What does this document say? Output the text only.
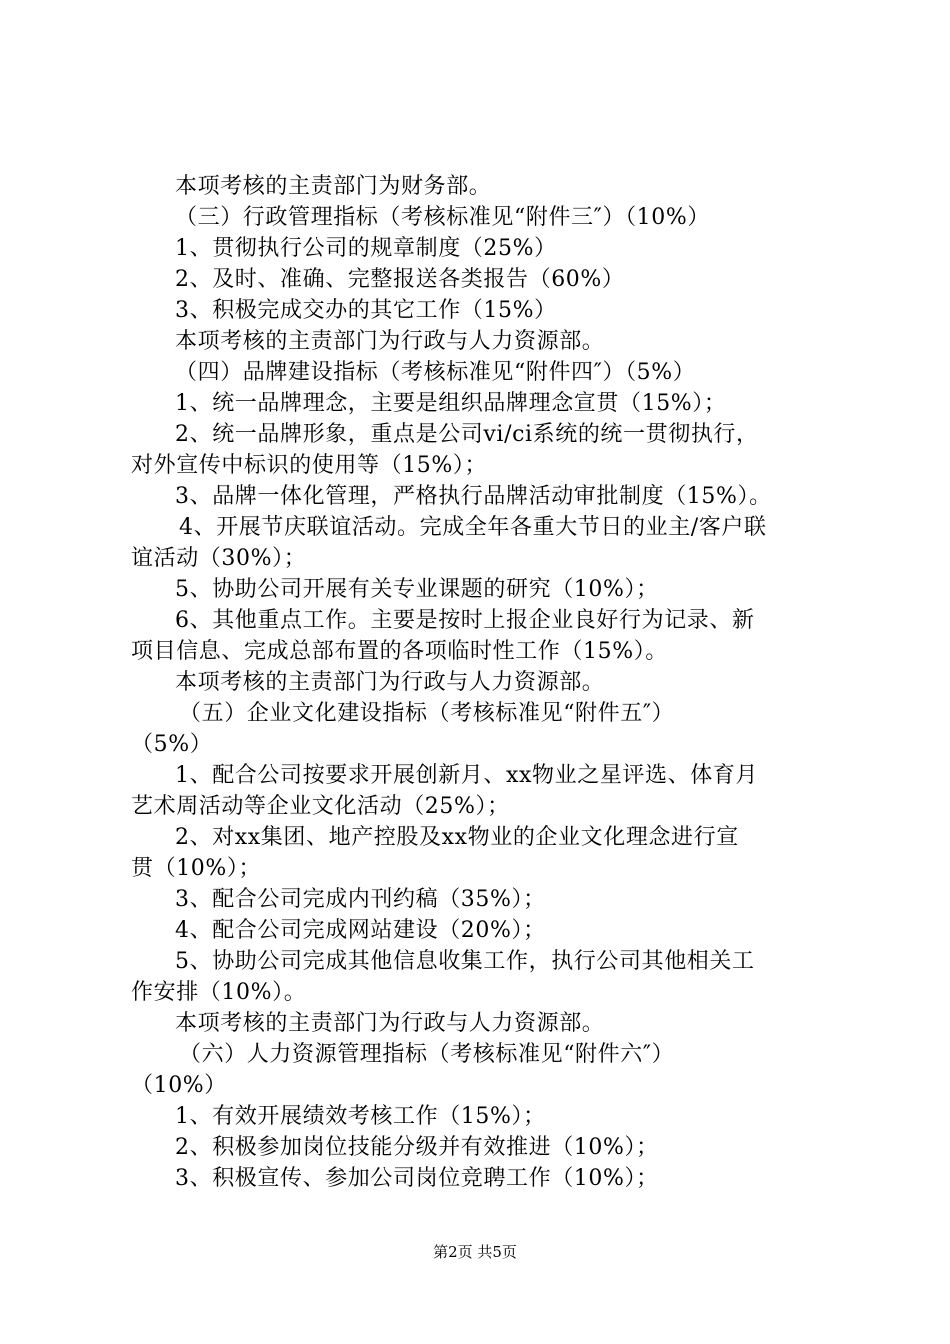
本项考核的主责部门为财务部。
（三）行政管理指标（考核标准见“附件三″）（10%）
1、贯彻执行公司的规章制度（25%）
2、及时、准确、完整报送各类报告（60%）
3、积极完成交办的其它工作（15%）
本项考核的主责部门为行政与人力资源部。
（四）品牌建设指标（考核标准见“附件四″）（5%）
1、统一品牌理念，主要是组织品牌理念宣贯（15%）；
2、统一品牌形象，重点是公司vi/ci系统的统一贯彻执行，
对外宣传中标识的使用等（15%）；
3、品牌一体化管理，严格执行品牌活动审批制度（15%）。
4、开展节庆联谊活动。完成全年各重大节日的业主/客户联
谊活动（30%）；
5、协助公司开展有关专业课题的研究（10%）；
6、其他重点工作。主要是按时上报企业良好行为记录、新
项目信息、完成总部布置的各项临时性工作（15%）。
本项考核的主责部门为行政与人力资源部。
（五）企业文化建设指标（考核标准见“附件五″）
（5%）
1、配合公司按要求开展创新月、xx物业之星评选、体育月
艺术周活动等企业文化活动（25%）；
2、对xx集团、地产控股及xx物业的企业文化理念进行宣
贯（10%）；
3、配合公司完成内刊约稿（35%）；
4、配合公司完成网站建设（20%）；
5、协助公司完成其他信息收集工作，执行公司其他相关工
作安排（10%）。
本项考核的主责部门为行政与人力资源部。
（六）人力资源管理指标（考核标准见“附件六″）
（10%）
1、有效开展绩效考核工作（15%）；
2、积极参加岗位技能分级并有效推进（10%）；
3、积极宣传、参加公司岗位竞聘工作（10%）；
第2页 共5页
